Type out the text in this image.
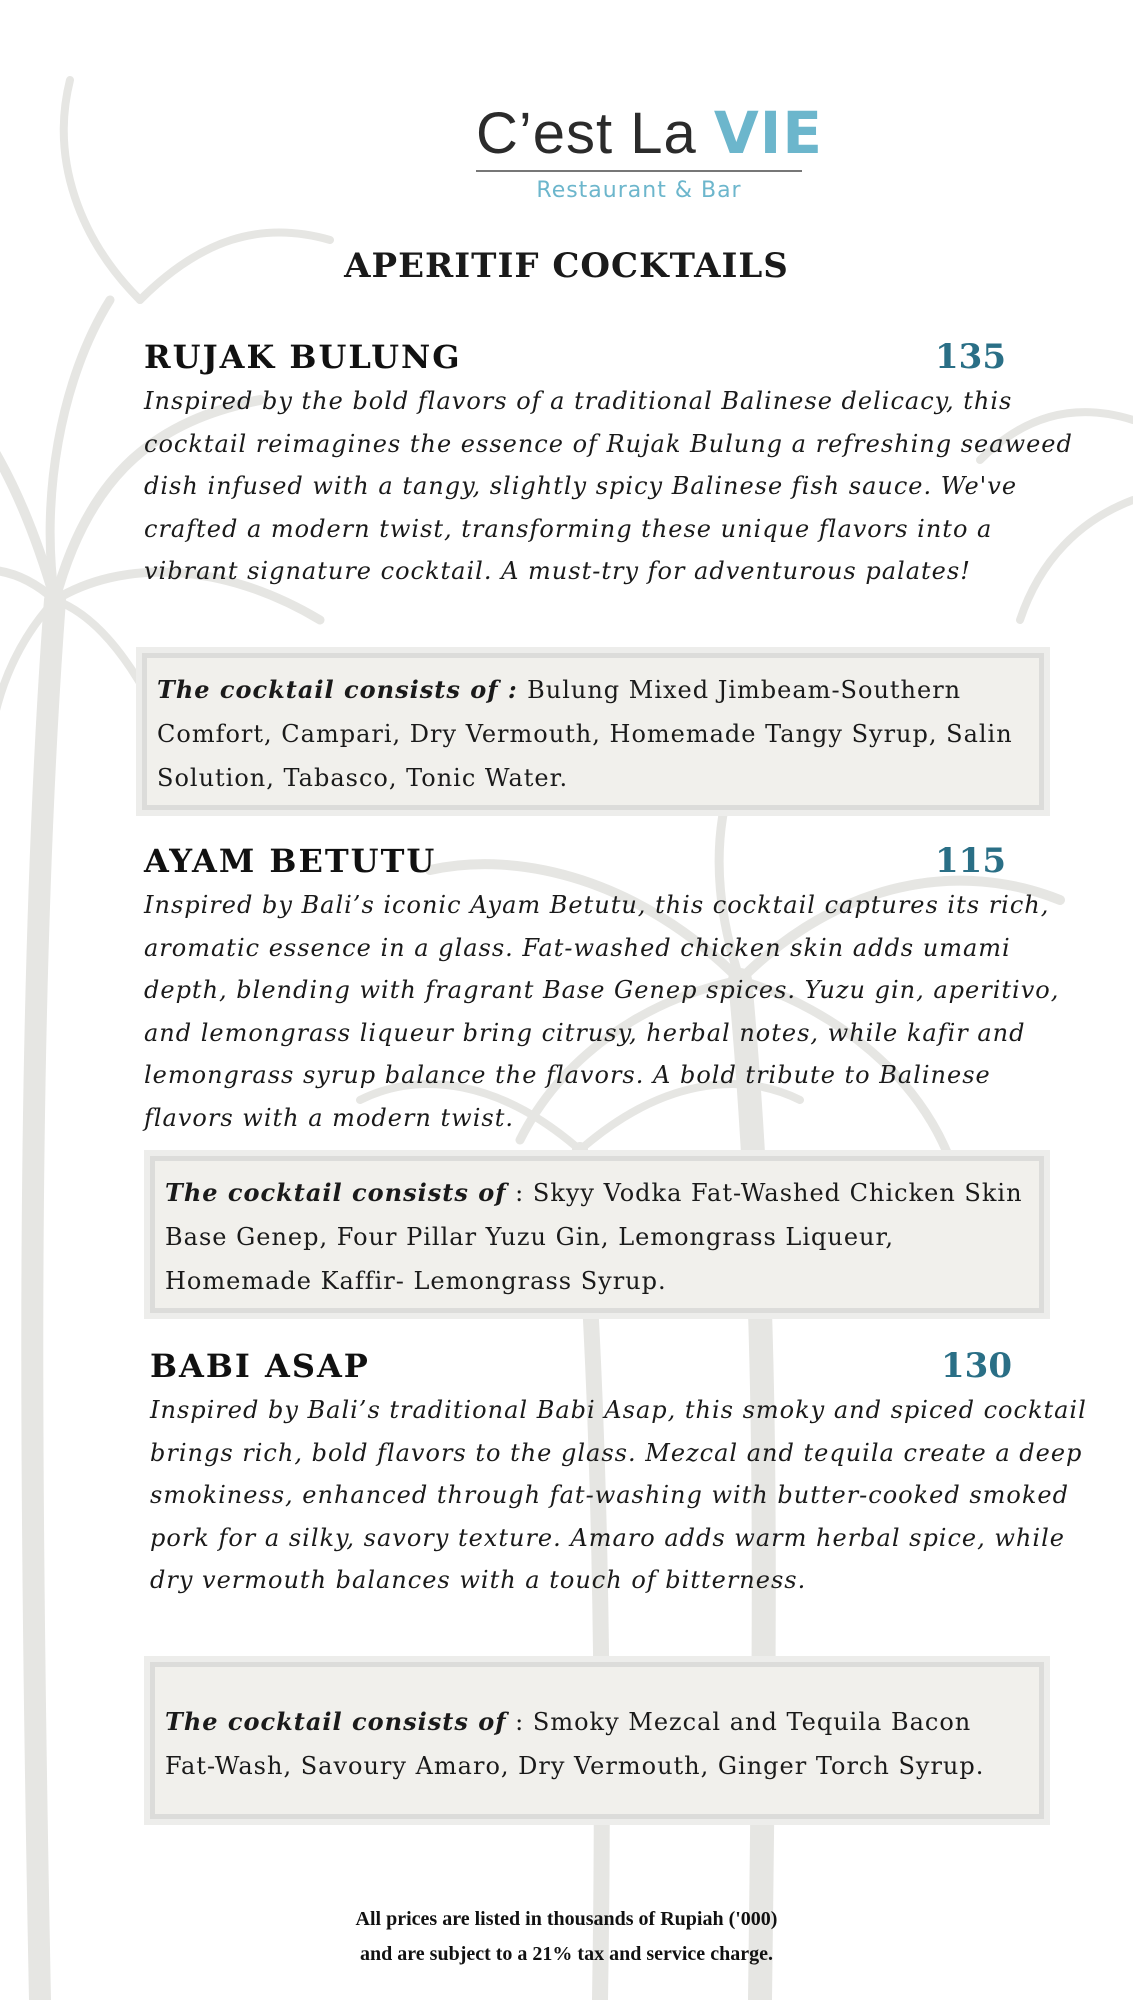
C’est La VIE
Restaurant & Bar
APERITIF COCKTAILS
RUJAK BULUNG	135
Inspired by the bold flavors of a traditional Balinese delicacy, this cocktail reimagines the essence of Rujak Bulung a refreshing seaweed dish infused with a tangy, slightly spicy Balinese fish sauce. We've crafted a modern twist, transforming these unique flavors into a vibrant signature cocktail. A must-try for adventurous palates!
The cocktail consists of : Bulung Mixed Jimbeam-Southern Comfort, Campari, Dry Vermouth, Homemade Tangy Syrup, Salin Solution, Tabasco, Tonic Water.
AYAM BETUTU	115
Inspired by Bali’s iconic Ayam Betutu, this cocktail captures its rich, aromatic essence in a glass. Fat-washed chicken skin adds umami depth, blending with fragrant Base Genep spices. Yuzu gin, aperitivo, and lemongrass liqueur bring citrusy, herbal notes, while kafir and lemongrass syrup balance the flavors. A bold tribute to Balinese flavors with a modern twist.
The cocktail consists of : Skyy Vodka Fat-Washed Chicken Skin Base Genep, Four Pillar Yuzu Gin, Lemongrass Liqueur, Homemade Kaffir- Lemongrass Syrup.
BABI ASAP	130
Inspired by Bali’s traditional Babi Asap, this smoky and spiced cocktail brings rich, bold flavors to the glass. Mezcal and tequila create a deep smokiness, enhanced through fat-washing with butter-cooked smoked pork for a silky, savory texture. Amaro adds warm herbal spice, while dry vermouth balances with a touch of bitterness.
The cocktail consists of : Smoky Mezcal and Tequila Bacon Fat-Wash, Savoury Amaro, Dry Vermouth, Ginger Torch Syrup.
All prices are listed in thousands of Rupiah ('000)
and are subject to a 21% tax and service charge.
